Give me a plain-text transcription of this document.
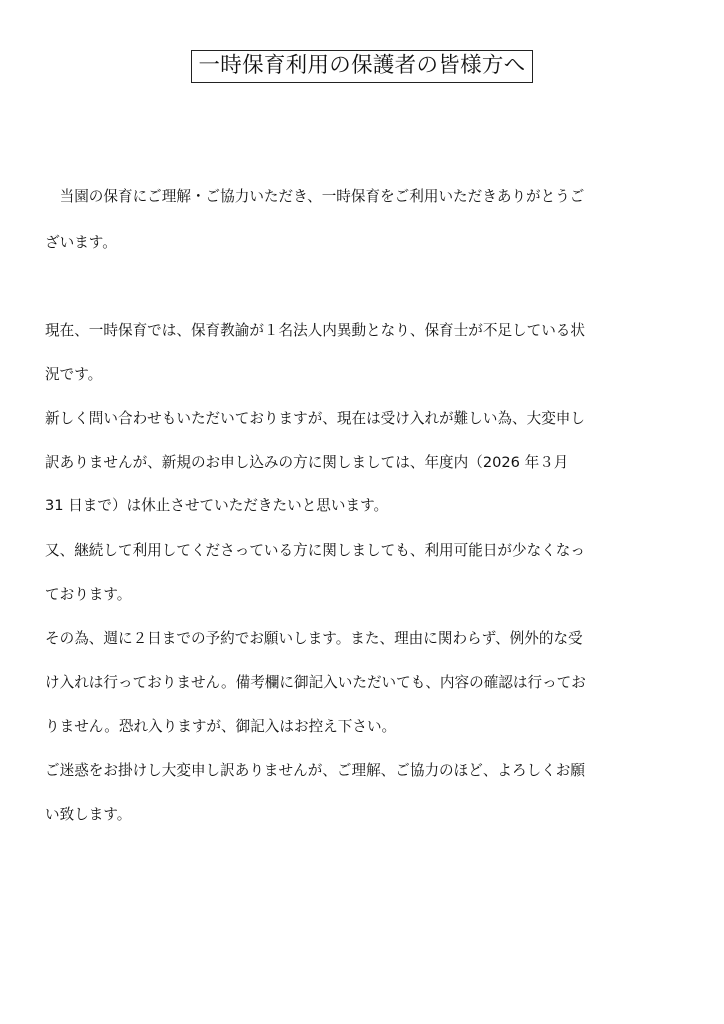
一時保育利用の保護者の皆様方へ
　当園の保育にご理解・ご協力いただき、一時保育をご利用いただきありがとうご
ざいます。
現在、一時保育では、保育教諭が１名法人内異動となり、保育士が不足している状
況です。
新しく問い合わせもいただいておりますが、現在は受け入れが難しい為、大変申し
訳ありませんが、新規のお申し込みの方に関しましては、年度内（2026 年３月
31 日まで）は休止させていただきたいと思います。
又、継続して利用してくださっている方に関しましても、利用可能日が少なくなっ
ております。
その為、週に２日までの予約でお願いします。また、理由に関わらず、例外的な受
け入れは行っておりません。備考欄に御記入いただいても、内容の確認は行ってお
りません。恐れ入りますが、御記入はお控え下さい。
ご迷惑をお掛けし大変申し訳ありませんが、ご理解、ご協力のほど、よろしくお願
い致します。
